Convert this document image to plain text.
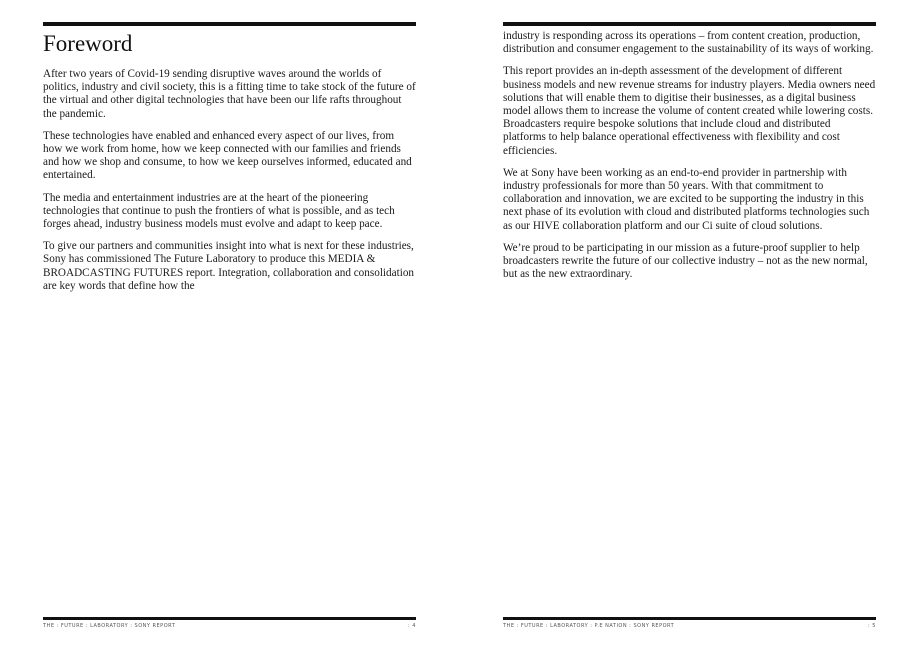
Foreword

After two years of Covid-19 sending disruptive waves around the worlds of politics, industry and civil society, this is a fitting time to take stock of the future of the virtual and other digital technologies that have been our life rafts throughout the pandemic.

These technologies have enabled and enhanced every aspect of our lives, from how we work from home, how we keep connected with our families and friends and how we shop and consume, to how we keep ourselves informed, educated and entertained.

The media and entertainment industries are at the heart of the pioneering technologies that continue to push the frontiers of what is possible, and as tech forges ahead, industry business models must evolve and adapt to keep pace.

To give our partners and communities insight into what is next for these industries, Sony has commissioned The Future Laboratory to produce this MEDIA & BROADCASTING FUTURES report. Integration, collaboration and consolidation are key words that define how the

THE : FUTURE : LABORATORY : SONY REPORT	: 4

industry is responding across its operations – from content creation, production, distribution and consumer engagement to the sustainability of its ways of working.

This report provides an in-depth assessment of the development of different business models and new revenue streams for industry players. Media owners need solutions that will enable them to digitise their businesses, as a digital business model allows them to increase the volume of content created while lowering costs. Broadcasters require bespoke solutions that include cloud and distributed platforms to help balance operational effectiveness with flexibility and cost efficiencies.

We at Sony have been working as an end-to-end provider in partnership with industry professionals for more than 50 years. With that commitment to collaboration and innovation, we are excited to be supporting the industry in this next phase of its evolution with cloud and distributed platforms technologies such as our HIVE collaboration platform and our Ci suite of cloud solutions.

We’re proud to be participating in our mission as a future-proof supplier to help broadcasters rewrite the future of our collective industry – not as the new normal, but as the new extraordinary.

THE : FUTURE : LABORATORY : P.E NATION : SONY REPORT	: 5
